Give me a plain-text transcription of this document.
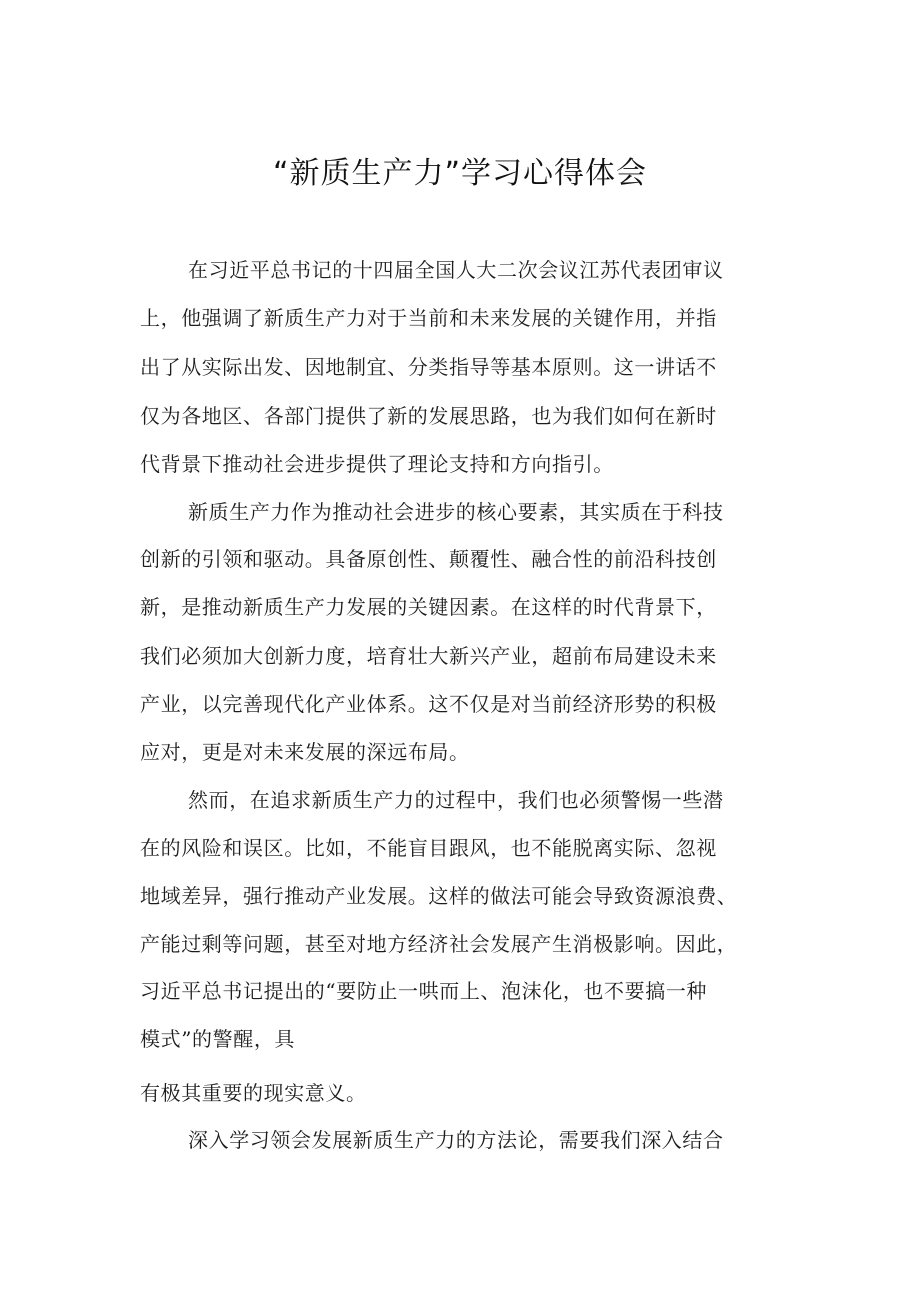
“新质生产力”学习心得体会
在习近平总书记的十四届全国人大二次会议江苏代表团审议
上，他强调了新质生产力对于当前和未来发展的关键作用，并指
出了从实际出发、因地制宜、分类指导等基本原则。这一讲话不
仅为各地区、各部门提供了新的发展思路，也为我们如何在新时
代背景下推动社会进步提供了理论支持和方向指引。
新质生产力作为推动社会进步的核心要素，其实质在于科技
创新的引领和驱动。具备原创性、颠覆性、融合性的前沿科技创
新，是推动新质生产力发展的关键因素。在这样的时代背景下，
我们必须加大创新力度，培育壮大新兴产业，超前布局建设未来
产业，以完善现代化产业体系。这不仅是对当前经济形势的积极
应对，更是对未来发展的深远布局。
然而，在追求新质生产力的过程中，我们也必须警惕一些潜
在的风险和误区。比如，不能盲目跟风，也不能脱离实际、忽视
地域差异，强行推动产业发展。这样的做法可能会导致资源浪费、
产能过剩等问题，甚至对地方经济社会发展产生消极影响。因此，
习近平总书记提出的“要防止一哄而上、泡沫化，也不要搞一种
模式”的警醒，具
有极其重要的现实意义。
深入学习领会发展新质生产力的方法论，需要我们深入结合
